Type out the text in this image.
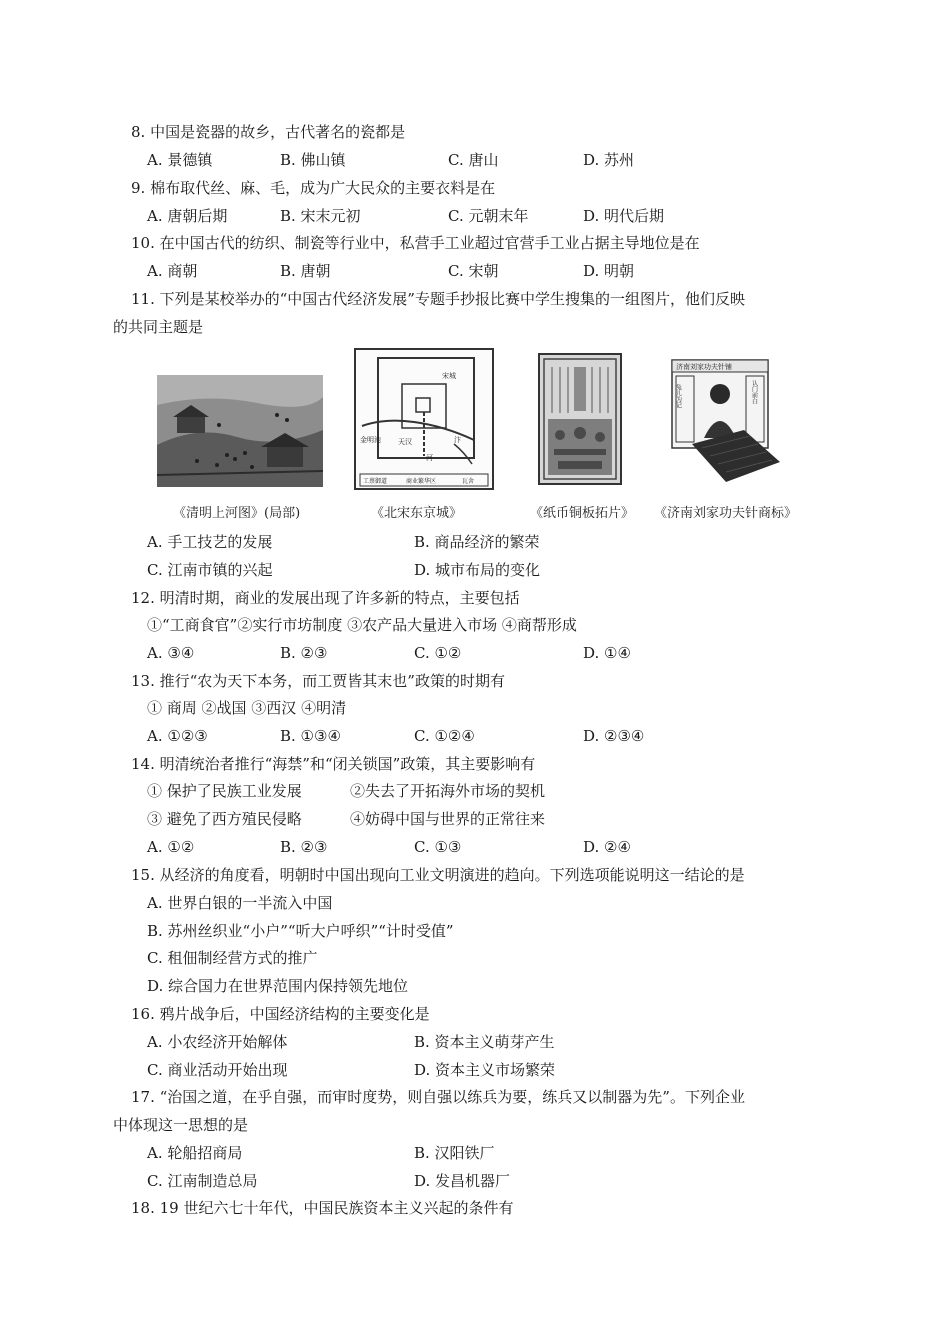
8. 中国是瓷器的故乡，古代著名的瓷都是
A. 景德镇	B. 佛山镇	C. 唐山	D. 苏州
9. 棉布取代丝、麻、毛，成为广大民众的主要衣料是在
A. 唐朝后期	B. 宋末元初	C. 元朝末年	D. 明代后期
10. 在中国古代的纺织、制瓷等行业中，私营手工业超过官营手工业占据主导地位是在
A. 商朝	B. 唐朝	C. 宋朝	D. 明朝
11. 下列是某校举办的“中国古代经济发展”专题手抄报比赛中学生搜集的一组图片，他们反映
的共同主题是
《清明上河图》(局部)
金明池
宋城
天汉	汴
河
工蔡御道	商业繁华区	瓦舍
《北宋东京城》	《纸币铜板拓片》
济南刘家功夫针铺
兔儿为记	认门前白
《济南刘家功夫针商标》
A. 手工技艺的发展	B. 商品经济的繁荣
C. 江南市镇的兴起	D. 城市布局的变化
12. 明清时期，商业的发展出现了许多新的特点，主要包括
①“工商食官”②实行市坊制度 ③农产品大量进入市场 ④商帮形成
A. ③④	B. ②③	C. ①②	D. ①④
13. 推行“农为天下本务，而工贾皆其末也”政策的时期有
① 商周 ②战国 ③西汉 ④明清
A. ①②③	B. ①③④	C. ①②④	D. ②③④
14. 明清统治者推行“海禁”和“闭关锁国”政策，其主要影响有
① 保护了民族工业发展	②失去了开拓海外市场的契机
③ 避免了西方殖民侵略	④妨碍中国与世界的正常往来
A. ①②	B. ②③	C. ①③	D. ②④
15. 从经济的角度看，明朝时中国出现向工业文明演进的趋向。下列选项能说明这一结论的是
A. 世界白银的一半流入中国
B. 苏州丝织业“小户”“听大户呼织”“计时受值”
C. 租佃制经营方式的推广
D. 综合国力在世界范围内保持领先地位
16. 鸦片战争后，中国经济结构的主要变化是
A. 小农经济开始解体	B. 资本主义萌芽产生
C. 商业活动开始出现	D. 资本主义市场繁荣
17. “治国之道，在乎自强，而审时度势，则自强以练兵为要，练兵又以制器为先”。下列企业
中体现这一思想的是
A. 轮船招商局	B. 汉阳铁厂
C. 江南制造总局	D. 发昌机器厂
18. 19 世纪六七十年代，中国民族资本主义兴起的条件有
